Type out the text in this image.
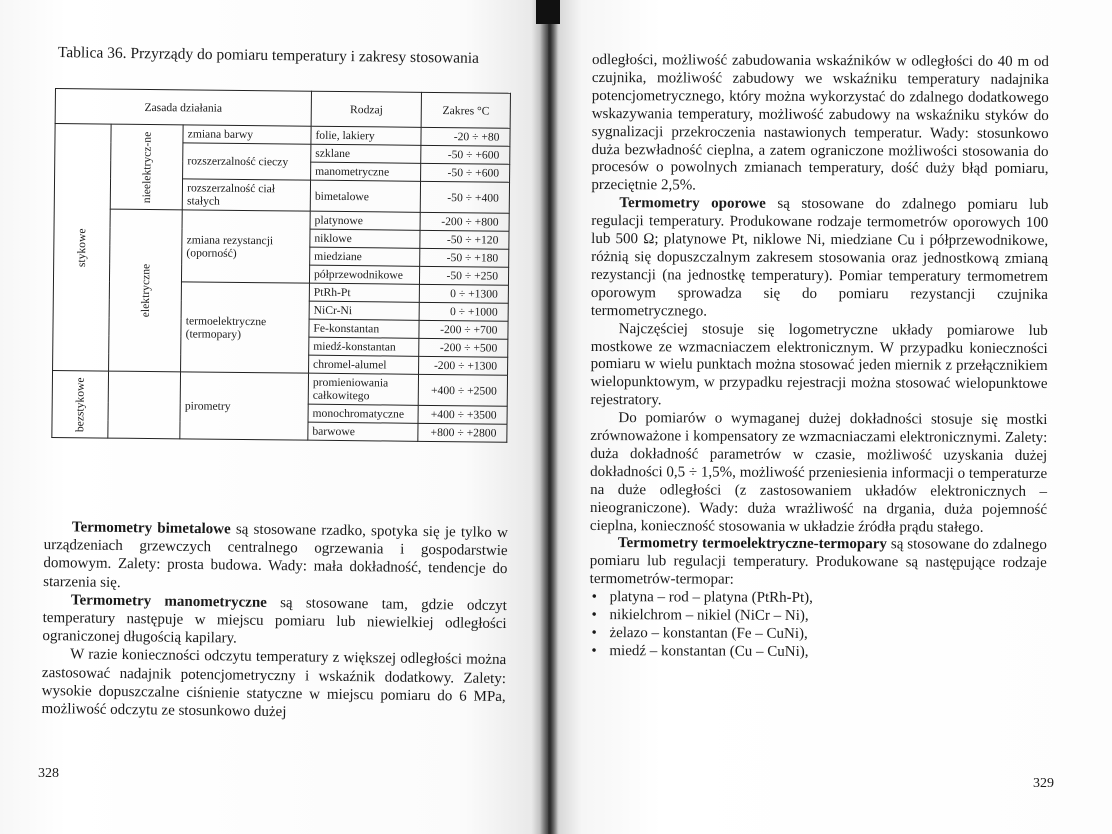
Tablica 36. Przyrządy do pomiaru temperatury i zakresy stosowania
Zasada działania			Rodzaj	Zakres °C
stykowe	nieelektrycz-ne	zmiana barwy	folie, lakiery	-20 ÷ +80
		rozszerzalność cieczy	szklane	-50 ÷ +600
			manometryczne	-50 ÷ +600
		rozszerzalność ciał stałych	bimetalowe	-50 ÷ +400
	elektryczne	zmiana rezystancji (oporność)	platynowe	-200 ÷ +800
			niklowe	-50 ÷ +120
			miedziane	-50 ÷ +180
			półprzewodnikowe	-50 ÷ +250
		termoelektryczne (termopary)	PtRh-Pt	0 ÷ +1300
			NiCr-Ni	0 ÷ +1000
			Fe-konstantan	-200 ÷ +700
			miedź-konstantan	-200 ÷ +500
			chromel-alumel	-200 ÷ +1300
bezstykowe		pirometry	promieniowania całkowitego	+400 ÷ +2500
			monochromatyczne	+400 ÷ +3500
			barwowe	+800 ÷ +2800

Termometry bimetalowe są stosowane rzadko, spotyka się je tylko w urządzeniach grzewczych centralnego ogrzewania i gospodarstwie domowym. Zalety: prosta budowa. Wady: mała dokładność, tendencje do starzenia się.

Termometry manometryczne są stosowane tam, gdzie odczyt temperatury następuje w miejscu pomiaru lub niewielkiej odległości ograniczonej długością kapilary.

W razie konieczności odczytu temperatury z większej odległości można zastosować nadajnik potencjometryczny i wskaźnik dodatkowy. Zalety: wysokie dopuszczalne ciśnienie statyczne w miejscu pomiaru do 6 MPa, możliwość odczytu ze stosunkowo dużej

328

odległości, możliwość zabudowania wskaźników w odległości do 40 m od czujnika, możliwość zabudowy we wskaźniku temperatury nadajnika potencjometrycznego, który można wykorzystać do zdalnego dodatkowego wskazywania temperatury, możliwość zabudowy na wskaźniku styków do sygnalizacji przekroczenia nastawionych temperatur. Wady: stosunkowo duża bezwładność cieplna, a zatem ograniczone możliwości stosowania do procesów o powolnych zmianach temperatury, dość duży błąd pomiaru, przeciętnie 2,5%.

Termometry oporowe są stosowane do zdalnego pomiaru lub regulacji temperatury. Produkowane rodzaje termometrów oporowych 100 lub 500 Ω; platynowe Pt, niklowe Ni, miedziane Cu i półprzewodnikowe, różnią się dopuszczalnym zakresem stosowania oraz jednostkową zmianą rezystancji (na jednostkę temperatury). Pomiar temperatury termometrem oporowym sprowadza się do pomiaru rezystancji czujnika termometrycznego.

Najczęściej stosuje się logometryczne układy pomiarowe lub mostkowe ze wzmacniaczem elektronicznym. W przypadku konieczności pomiaru w wielu punktach można stosować jeden miernik z przełącznikiem wielopunktowym, w przypadku rejestracji można stosować wielopunktowe rejestratory.

Do pomiarów o wymaganej dużej dokładności stosuje się mostki zrównoważone i kompensatory ze wzmacniaczami elektronicznymi. Zalety: duża dokładność parametrów w czasie, możliwość uzyskania dużej dokładności 0,5 ÷ 1,5%, możliwość przeniesienia informacji o temperaturze na duże odległości (z zastosowaniem układów elektronicznych – nieograniczone). Wady: duża wrażliwość na drgania, duża pojemność cieplna, konieczność stosowania w układzie źródła prądu stałego.

Termometry termoelektryczne-termopary są stosowane do zdalnego pomiaru lub regulacji temperatury. Produkowane są następujące rodzaje termometrów-termopar:

• platyna – rod – platyna (PtRh-Pt),
• nikielchrom – nikiel (NiCr – Ni),
• żelazo – konstantan (Fe – CuNi),
• miedź – konstantan (Cu – CuNi),
329
